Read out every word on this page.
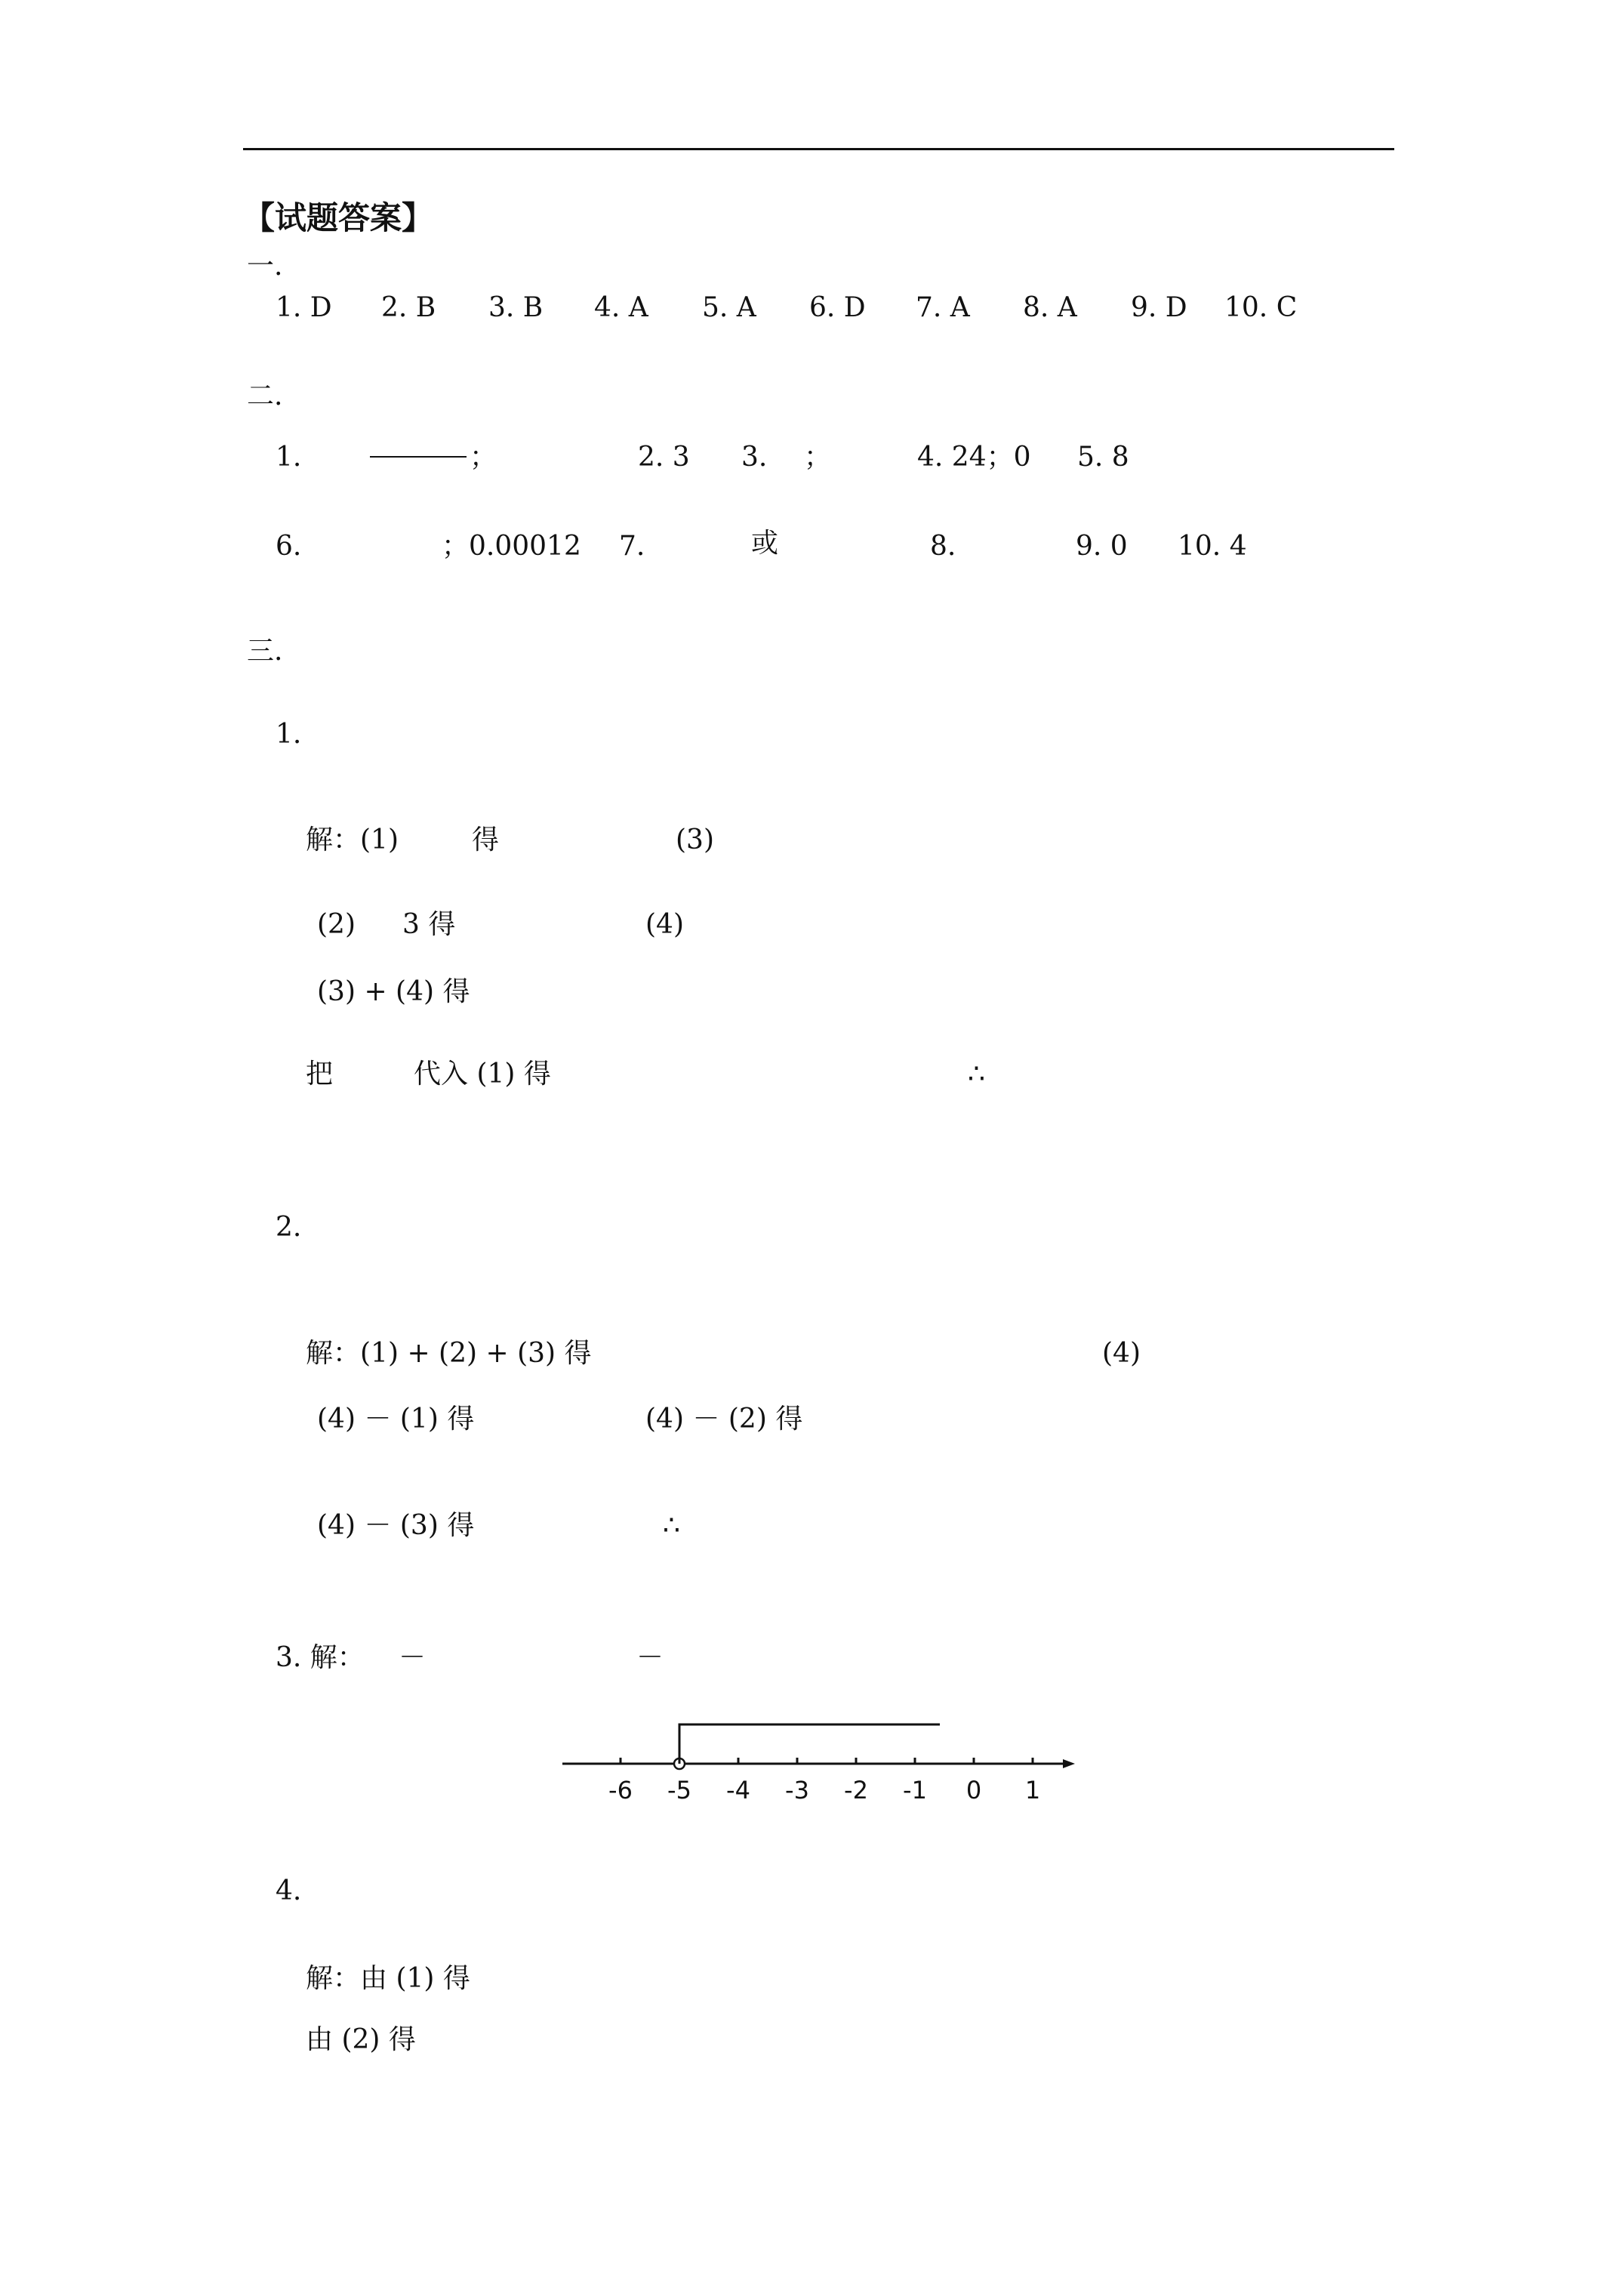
【试题答案】
一.
1. D 2. B 3. B 4. A 5. A 6. D 7. A 8. A 9. D 10. C
二.
1.	；	2. 3 3. ；	4. 24；0 5. 8
6.	；0.00012 7.	或	8.	9. 0 10. 4
三.
1.
解：(1)	得	(3)
(2) 3 得	(4)
(3) + (4) 得
把	代入 (1) 得	∴
2.
解：(1) + (2) + (3) 得	(4)
(4) － (1) 得	(4) － (2) 得
(4) － (3) 得	∴
3. 解： －	－
-6 -5 -4 -3 -2 -1 0 1
4.
解：由 (1) 得
由 (2) 得
